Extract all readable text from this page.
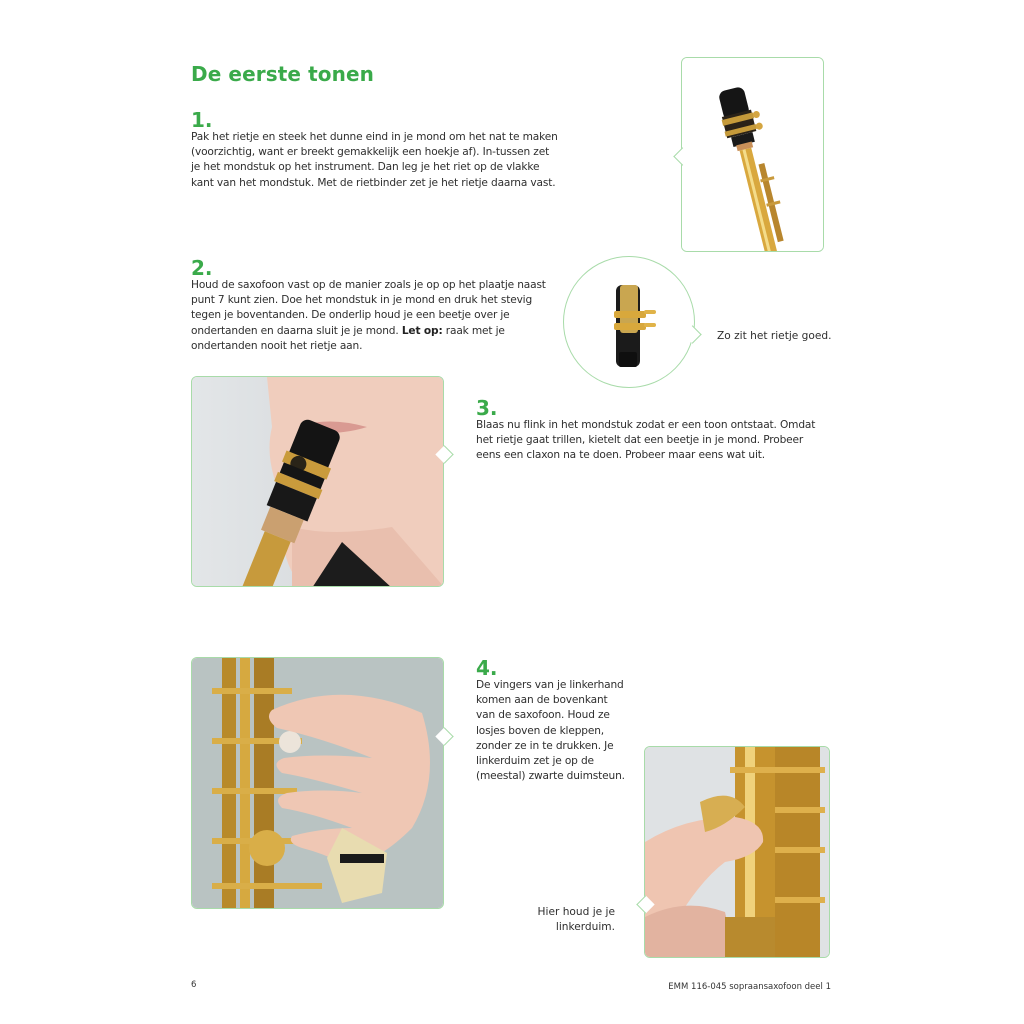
De eerste tonen
1.
Pak het rietje en steek het dunne eind in je mond om het nat te maken (voorzichtig, want er breekt gemakkelijk een hoekje af). In-tussen zet je het mondstuk op het instrument. Dan leg je het riet op de vlakke kant van het mondstuk. Met de rietbinder zet je het rietje daarna vast.
2.
Houd de saxofoon vast op de manier zoals je op op het plaatje naast punt 7 kunt zien. Doe het mondstuk in je mond en druk het stevig tegen je boventanden. De onderlip houd je een beetje over je ondertanden en daarna sluit je je mond. Let op: raak met je ondertanden nooit het rietje aan.
Zo zit het rietje goed.
3.
Blaas nu flink in het mondstuk zodat er een toon ontstaat. Omdat het rietje gaat trillen, kietelt dat een beetje in je mond. Probeer eens een claxon na te doen. Probeer maar eens wat uit.
4.
De vingers van je linkerhand komen aan de bovenkant van de saxofoon. Houd ze losjes boven de kleppen, zonder ze in te drukken. Je linkerduim zet je op de (meestal) zwarte duimsteun.
Hier houd je je linkerduim.
6	EMM 116-045 sopraansaxofoon deel 1
